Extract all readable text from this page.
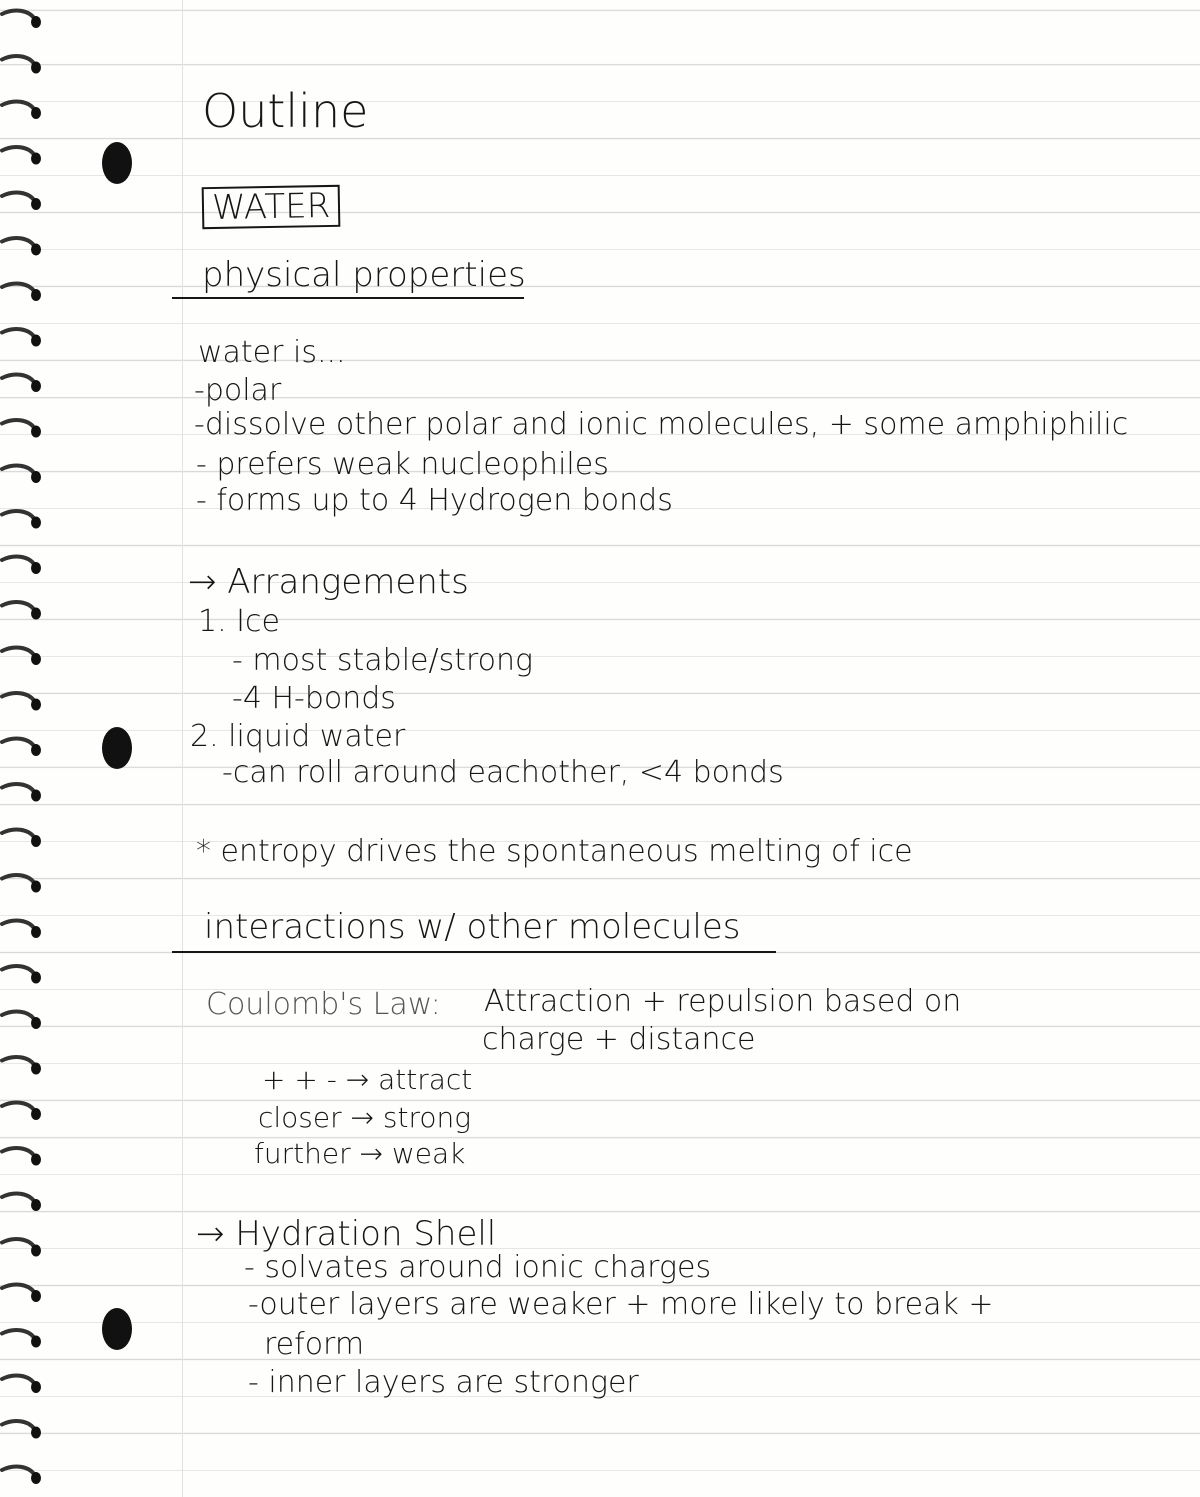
Outline
WATER
physical properties
water is...
-polar
-dissolve other polar and ionic molecules, + some amphiphilic
- prefers weak nucleophiles
- forms up to 4 Hydrogen bonds
→ Arrangements
1. Ice
- most stable/strong
-4 H-bonds
2. liquid water
-can roll around eachother, <4 bonds
* entropy drives the spontaneous melting of ice
interactions w/ other molecules
Coulomb's Law: Attraction + repulsion based on
charge + distance
+ + - → attract
closer → strong
further → weak
→ Hydration Shell
- solvates around ionic charges
-outer layers are weaker + more likely to break +
reform
- inner layers are stronger
